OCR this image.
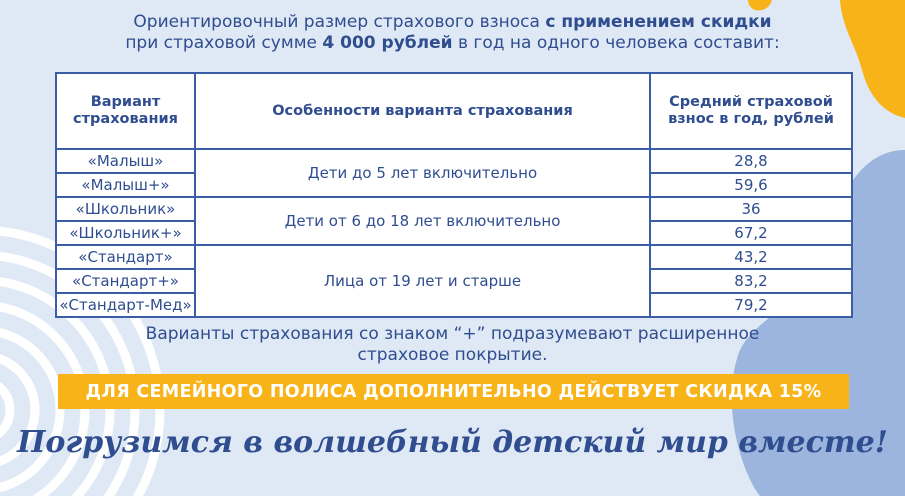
Ориентировочный размер страхового взноса с применением скидки
при страховой сумме 4 000 рублей в год на одного человека составит:
Вариант страхования	Особенности варианта страхования	Средний страховой взнос в год, рублей
«Малыш»	Дети до 5 лет включительно	28,8
«Малыш+»		59,6
«Школьник»	Дети от 6 до 18 лет включительно	36
«Школьник+»		67,2
«Стандарт»	Лица от 19 лет и старше	43,2
«Стандарт+»		83,2
«Стандарт-Мед»		79,2
Варианты страхования со знаком “+” подразумевают расширенное
страховое покрытие.
ДЛЯ СЕМЕЙНОГО ПОЛИСА ДОПОЛНИТЕЛЬНО ДЕЙСТВУЕТ СКИДКА 15%
Погрузимся в волшебный детский мир вместе!
